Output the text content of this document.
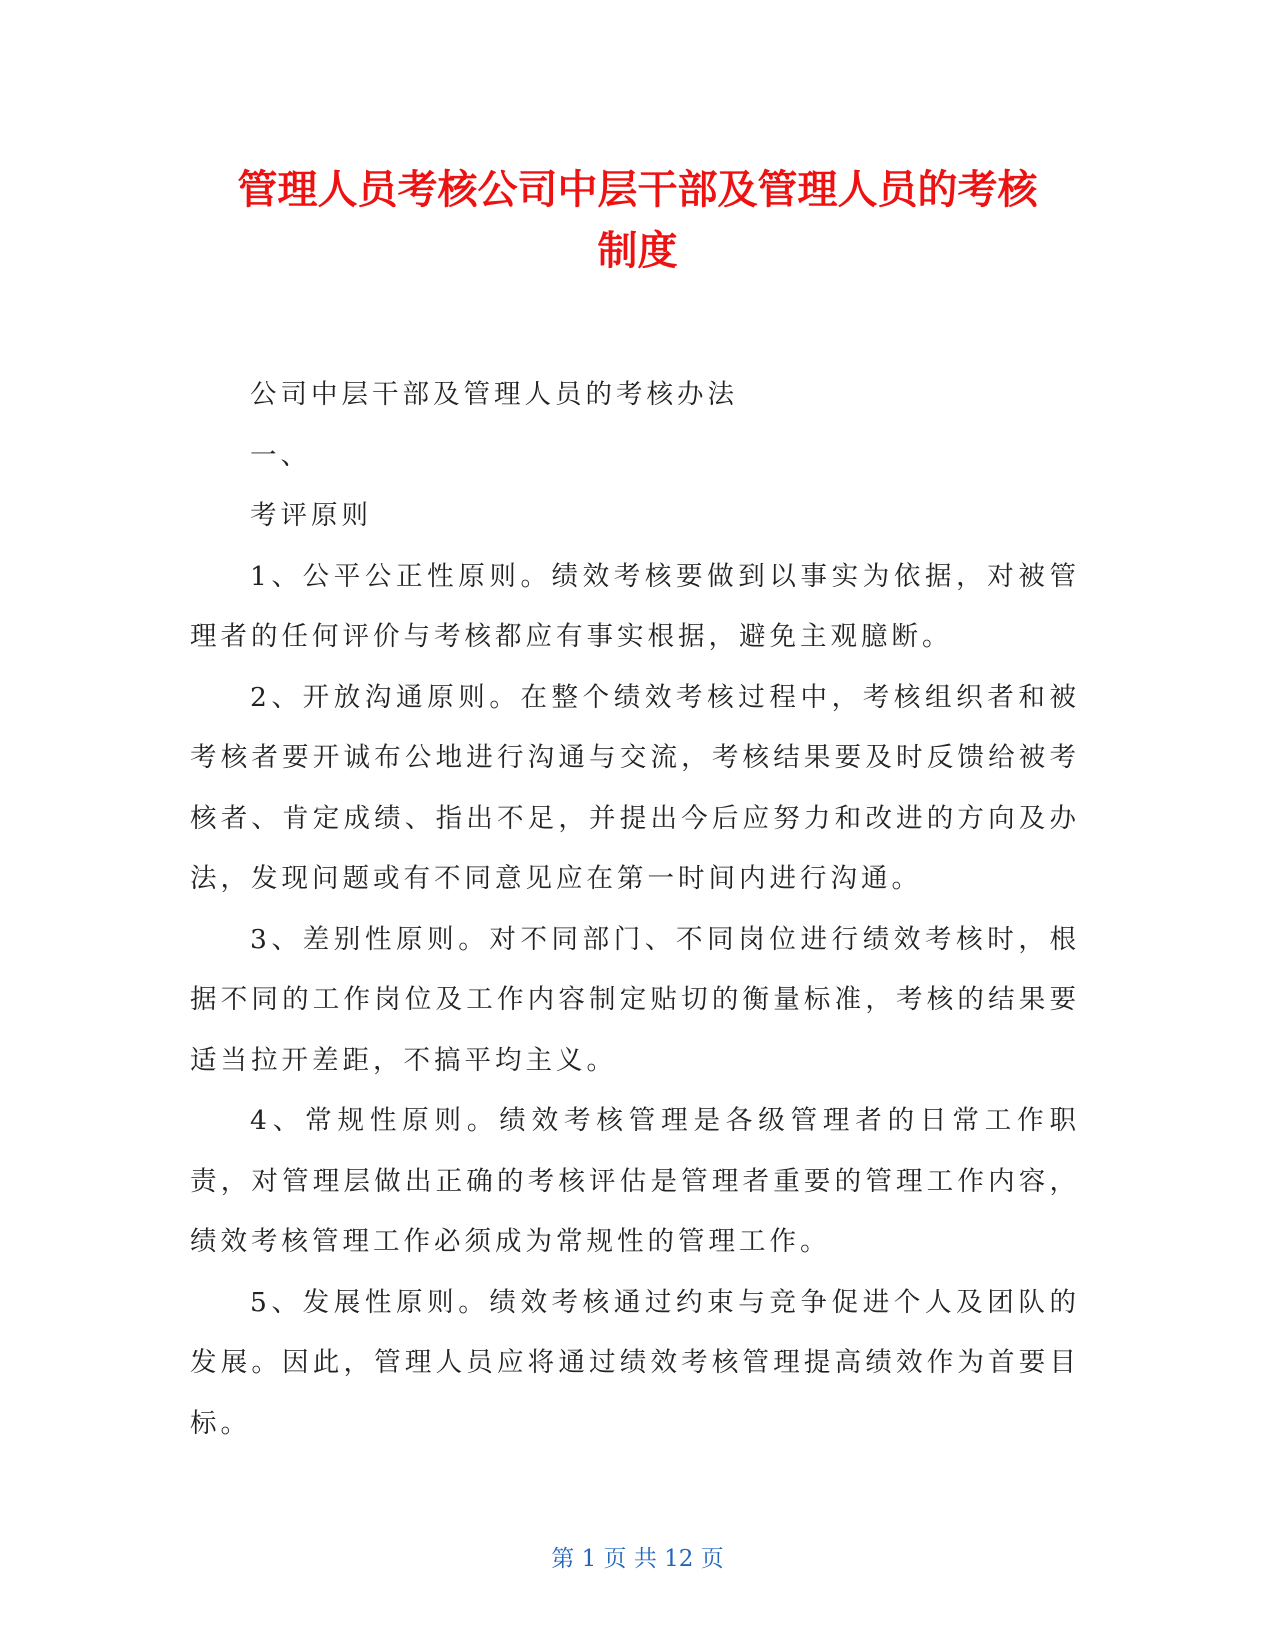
管理人员考核公司中层干部及管理人员的考核
制度

公司中层干部及管理人员的考核办法

一、

考评原则

1、公平公正性原则。绩效考核要做到以事实为依据，对被管理者的任何评价与考核都应有事实根据，避免主观臆断。

2、开放沟通原则。在整个绩效考核过程中，考核组织者和被考核者要开诚布公地进行沟通与交流，考核结果要及时反馈给被考核者、肯定成绩、指出不足，并提出今后应努力和改进的方向及办法，发现问题或有不同意见应在第一时间内进行沟通。

3、差别性原则。对不同部门、不同岗位进行绩效考核时，根据不同的工作岗位及工作内容制定贴切的衡量标准，考核的结果要适当拉开差距，不搞平均主义。

4、常规性原则。绩效考核管理是各级管理者的日常工作职责，对管理层做出正确的考核评估是管理者重要的管理工作内容，绩效考核管理工作必须成为常规性的管理工作。

5、发展性原则。绩效考核通过约束与竞争促进个人及团队的发展。因此，管理人员应将通过绩效考核管理提高绩效作为首要目标。

第 1 页 共 12 页
